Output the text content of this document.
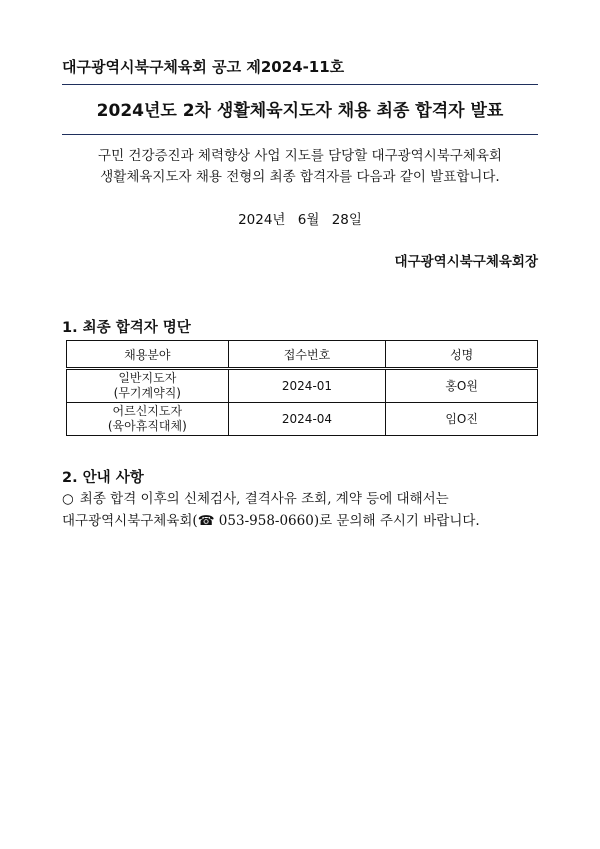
대구광역시북구체육회 공고 제2024-11호
2024년도 2차 생활체육지도자 채용 최종 합격자 발표

구민 건강증진과 체력향상 사업 지도를 담당할 대구광역시북구체육회

생활체육지도자 채용 전형의 최종 합격자를 다음과 같이 발표합니다.

2024년 6월 28일
대구광역시북구체육회장
1. 최종 합격자 명단
채용분야	접수번호	성명

일반지도자
(무기계약직)	2024-01	홍O원

어르신지도자
(육아휴직대체)	2024-04	임O진
2. 안내 사항

○ 최종 합격 이후의 신체검사, 결격사유 조회, 계약 등에 대해서는

대구광역시북구체육회(☎ 053-958-0660)로 문의해 주시기 바랍니다.
